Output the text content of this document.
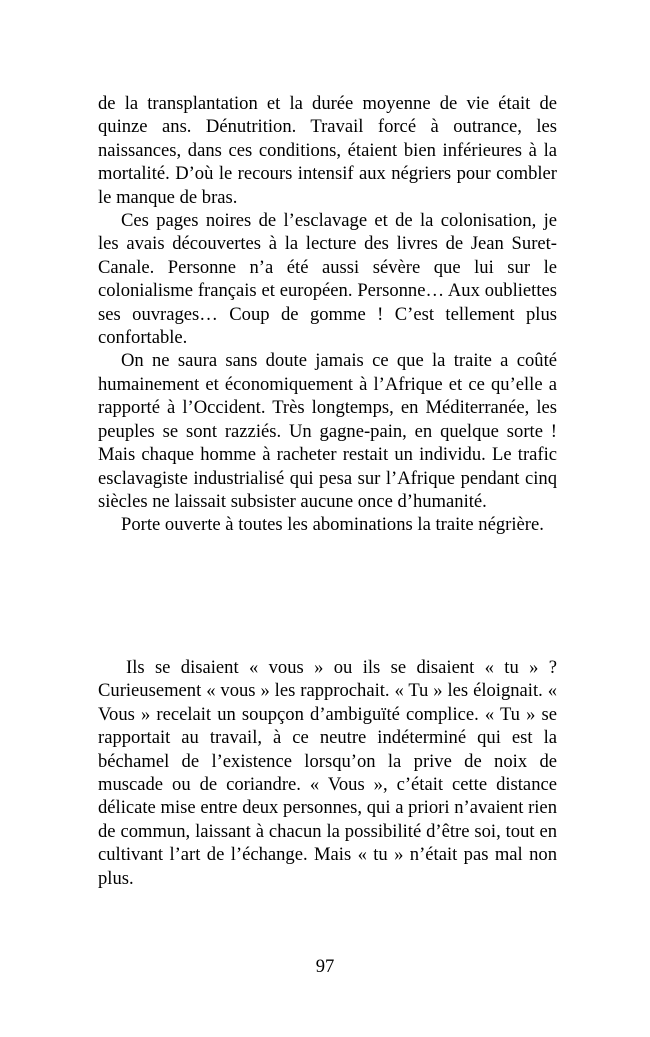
de la transplantation et la durée moyenne de vie était de quinze ans. Dénutrition. Travail forcé à outrance, les naissances, dans ces conditions, étaient bien inférieures à la mortalité. D’où le recours intensif aux négriers pour combler le manque de bras.

Ces pages noires de l’esclavage et de la colonisation, je les avais découvertes à la lecture des livres de Jean Suret-Canale. Personne n’a été aussi sévère que lui sur le colonialisme français et européen. Personne… Aux oubliettes ses ouvrages… Coup de gomme ! C’est tellement plus confortable.

On ne saura sans doute jamais ce que la traite a coûté humainement et économiquement à l’Afrique et ce qu’elle a rapporté à l’Occident. Très longtemps, en Méditerranée, les peuples se sont razziés. Un gagne-pain, en quelque sorte ! Mais chaque homme à racheter restait un individu. Le trafic esclavagiste industrialisé qui pesa sur l’Afrique pendant cinq siècles ne laissait subsister aucune once d’humanité.

Porte ouverte à toutes les abominations la traite négrière.

Ils se disaient « vous » ou ils se disaient « tu » ? Curieusement « vous » les rapprochait. « Tu » les éloignait. « Vous » recelait un soupçon d’ambiguïté complice. « Tu » se rapportait au travail, à ce neutre indéterminé qui est la béchamel de l’existence lorsqu’on la prive de noix de muscade ou de coriandre. « Vous », c’était cette distance délicate mise entre deux personnes, qui a priori n’avaient rien de commun, laissant à chacun la possibilité d’être soi, tout en cultivant l’art de l’échange. Mais « tu » n’était pas mal non plus.

97
